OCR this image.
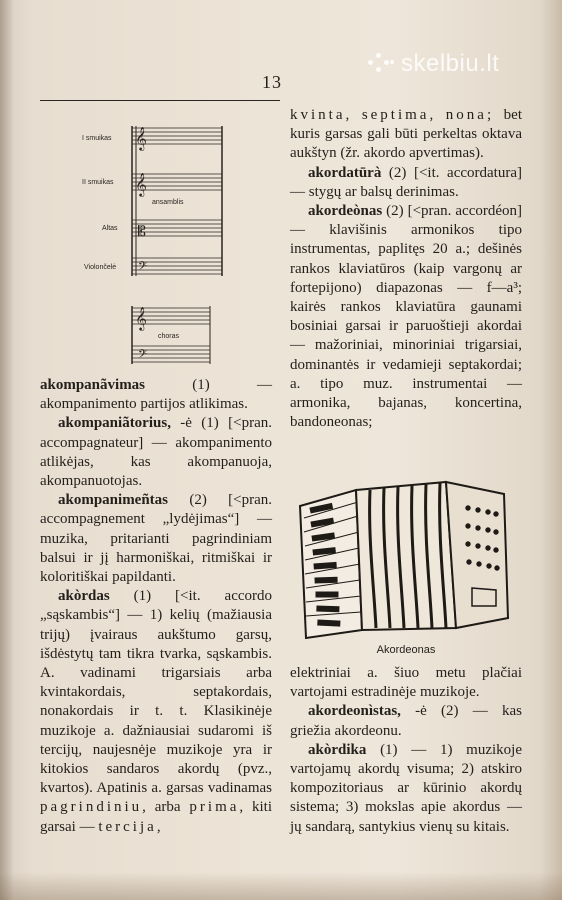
skelbiu.lt
13
𝄞
𝄞
𝄡
𝄢
𝄞
𝄢
I smuikas
II smuikas
Altas
Violončelė
ansamblis
choras

akompanãvimas (1) — akompanimento partijos atlikimas.

akompaniãtorius, -ė (1) [<pran. accompagnateur] — akompanimento atlikėjas, kas akompanuoja, akompanuotojas.

akompanimeñtas (2) [<pran. accompagnement „lydėjimas“] — muzika, pritarianti pagrindiniam balsui ir jį harmoniškai, ritmiškai ir koloritiškai papildanti.

akòrdas (1) [<it. accordo „sąskambis“] — 1) kelių (mažiausia trijų) įvairaus aukštumo garsų, išdėstytų tam tikra tvarka, sąskambis. A. vadinami trigarsiais arba kvintakordais, septakordais, nonakordais ir t. t. Klasikinėje muzikoje a. dažniausiai sudaromi iš tercijų, naujesnėje muzikoje yra ir kitokios sandaros akordų (pvz., kvartos). Apatinis a. garsas vadinamas pagrindiniu, arba prima, kiti garsai — tercija,

kvinta, septima, nona; bet kuris garsas gali būti perkeltas oktava aukštyn (žr. akordo apvertimas).

akordatūrà (2) [<it. accordatura] — stygų ar balsų derinimas.

akordeònas (2) [<pran. accordéon] — klavišinis armonikos tipo instrumentas, paplitęs 20 a.; dešinės rankos klaviatūros (kaip vargonų ar fortepijono) diapazonas — f—a³; kairės rankos klaviatūra gaunami bosiniai garsai ir paruoštieji akordai — mažoriniai, minoriniai trigarsiai, dominantės ir vedamieji septakordai; a. tipo muz. instrumentai — armonika, bajanas, koncertina, bandoneonas;

Akordeonas

elektriniai a. šiuo metu plačiai vartojami estradinėje muzikoje.

akordeonìstas, -ė (2) — kas griežia akordeonu.

akòrdika (1) — 1) muzikoje vartojamų akordų visuma; 2) atskiro kompozitoriaus ar kūrinio akordų sistema; 3) mokslas apie akordus — jų sandarą, santykius vienų su kitais.
